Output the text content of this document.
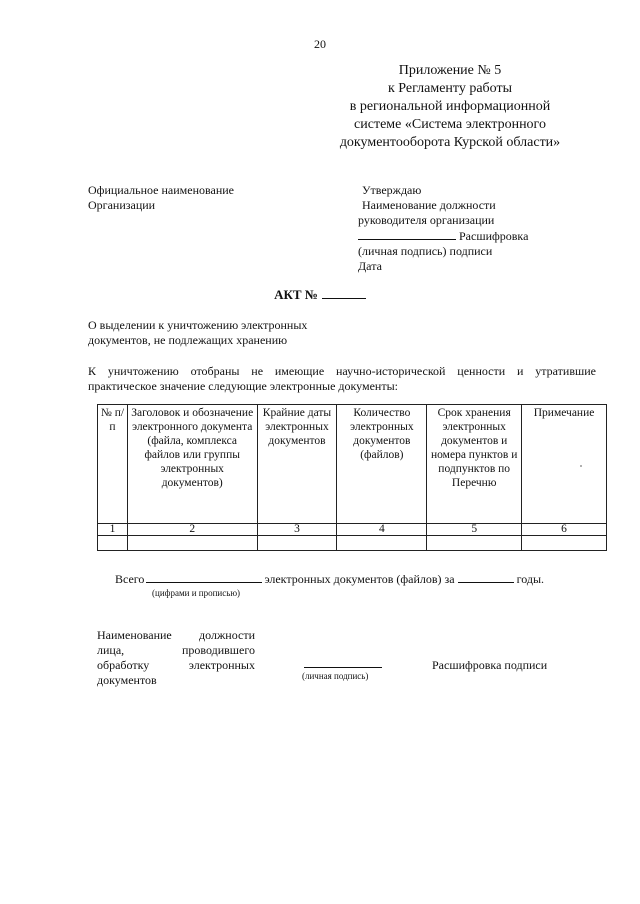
20
Приложение № 5
к Регламенту работы
в региональной информационной
системе «Система электронного
документооборота Курской области»
Официальное наименование
Организации
Утверждаю
Наименование должности
руководителя организации
Расшифровка
(личная подпись) подписи
Дата
АКТ №
О выделении к уничтожению электронных
документов, не подлежащих хранению
К уничтожению отобраны не имеющие научно-исторической ценности и утратившие практическое значение следующие электронные документы:
№ п/п	Заголовок и обозначение электронного документа (файла, комплекса файлов или группы электронных документов)	Крайние даты электронных документов	Количество электронных документов (файлов)	Срок хранения электронных документов и номера пунктов и подпунктов по Перечню	Примечание
1	2	3	4	5	6

Всего	электронных документов (файлов) за	годы.
(цифрами и прописью)
Наименование должности
лица,	проводившего
обработку	электронных
документов	(личная подпись)
Расшифровка подписи
